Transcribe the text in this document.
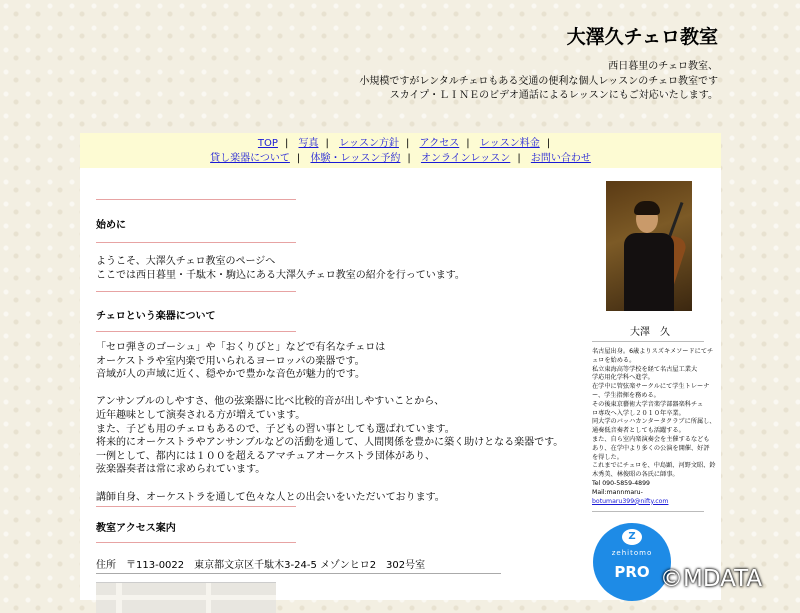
大澤久チェロ教室
西日暮里のチェロ教室、
小規模ですがレンタルチェロもある交通の便利な個人レッスンのチェロ教室です
スカイプ・ＬＩＮＥのビデオ通話によるレッスンにもご対応いたします。
TOP | 写真 | レッスン方針 | アクセス | レッスン料金 |
貸し楽器について | 体験・レッスン予約 | オンラインレッスン | お問い合わせ
始めに
ようこそ、大澤久チェロ教室のページへ
ここでは西日暮里・千駄木・駒込にある大澤久チェロ教室の紹介を行っています。
チェロという楽器について
「セロ弾きのゴーシュ」や「おくりびと」などで有名なチェロは
オーケストラや室内楽で用いられるヨーロッパの楽器です。
音域が人の声域に近く、穏やかで豊かな音色が魅力的です。

アンサンブルのしやすさ、他の弦楽器に比べ比較的音が出しやすいことから、
近年趣味として演奏される方が増えています。
また、子ども用のチェロもあるので、子どもの習い事としても選ばれています。
将来的にオーケストラやアンサンブルなどの活動を通して、人間関係を豊かに築く助けとなる楽器です。
一例として、都内には１００を超えるアマチュアオーケストラ団体があり、
弦楽器奏者は常に求められています。

講師自身、オーケストラを通して色々な人との出会いをいただいております。
教室アクセス案内
住所　〒113-0022　東京都文京区千駄木3-24-5 メゾンヒロ2　302号室
大澤　久
名古屋出身。6歳よりスズキメソードにてチ
ェロを始める。
私立東海高等学校を経て名古屋工業大
学応用化学科へ進学。
在学中に管弦楽サークルにて学生トレーナ
ー、学生指揮を務める。
その後東京藝術大学音楽学部器楽科チェ
ロ専攻へ入学し２０１０年卒業。
同大学のバッハカンタータクラブに所属し、
通奏低音奏者としても活躍する。
また、自ら室内楽演奏会を主催するなども
あり、在学中より多くの公演を開催、好評
を得した。
これまでにチェロを、中島顕、河野文昭、鈴
木秀美、林俊昭の各氏に師事。
Tel 090-5859-4899
Mail:mannmaru-
botumaru399@nifty.com
Z
zehitomo
PRO ©MDATA
